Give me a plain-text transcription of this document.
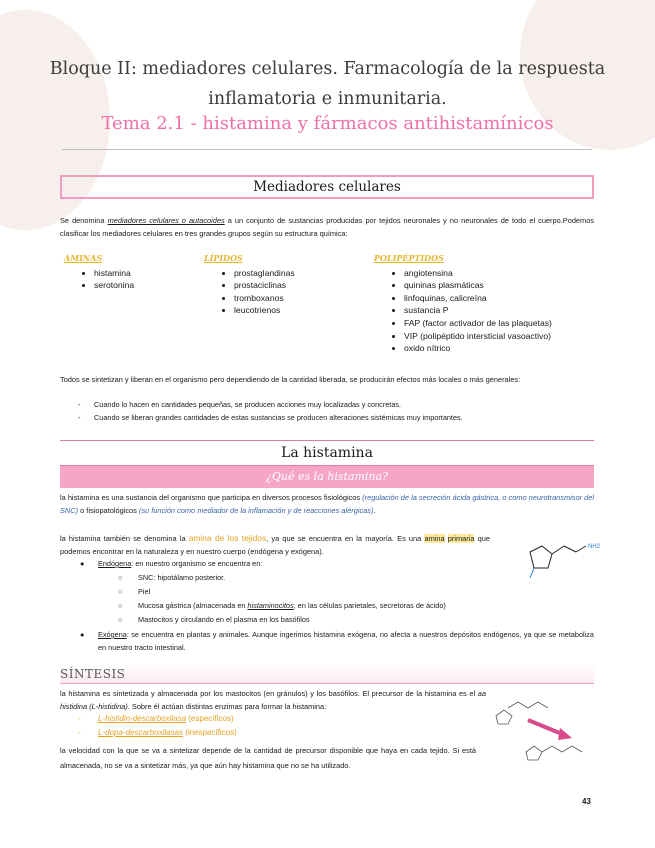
Bloque II: mediadores celulares. Farmacología de la respuesta
inflamatoria e inmunitaria.
Tema 2.1 - histamina y fármacos antihistamínicos
Mediadores celulares
Se denomina mediadores celulares o autacoides a un conjunto de sustancias producidas por tejidos neuronales y no neuronales de todo el cuerpo.Podemos clasificar los mediadores celulares en tres grandes grupos según su estructura química:
AMINAS
• histamina
• serotonina
LÍPIDOS
• prostaglandinas
• prostaciclinas
• tromboxanos
• leucotrienos
POLIPÉPTIDOS
• angiotensina
• quininas plasmáticas
• linfoquinas, calicreína
• sustancia P
• FAP (factor activador de las plaquetas)
• VIP (polipéptido intersticial vasoactivo)
• oxido nítrico
Todos se sintetizan y liberan en el organismo pero dependiendo de la cantidad liberada, se producirán efectos más locales o más generales:
- Cuando lo hacen en cantidades pequeñas, se producen acciones muy localizadas y concretas.
- Cuando se liberan grandes cantidades de estas sustancias se producen alteraciones sistémicas muy importantes.
La histamina
¿Qué es la histamina?
la histamina es una sustancia del organismo que participa en diversos procesos fisiológicos (regulación de la secreción ácida gástrica, o como neurotransmisor del SNC) o fisiopatológicos (su función como mediador de la inflamación y de reacciones alérgicas).
la histamina también se denomina la amina de los tejidos, ya que se encuentra en la mayoría. Es una amina primaria que podemos encontrar en la naturaleza y en nuestro cuerpo (endógena y exógena).	NH2
● Endógena: en nuestro organismo se encuentra en:
○ SNC: hipotálamo posterior.
○ Piel
○ Mucosa gástrica (almacenada en histaminocitos, en las células parietales, secretoras de ácido)
○ Mastocitos y circulando en el plasma en los basófilos
●	Exógena: se encuentra en plantas y animales. Aunque ingerimos histamina exógena, no afecta a nuestros depósitos endógenos, ya que se metaboliza en nuestro tracto intestinal.
SÍNTESIS
la histamina es sintetizada y almacenada por los mastocitos (en gránulos) y los basófilos. El precursor de la histamina es el aa histidina (L-histidina). Sobre él actúan distintas enzimas para formar la histamina:
- L-histidin-descarboxilasa (específicos)
- L-dopa-descarboxilasas (inespecíficos)
la velocidad con la que se va a sintetizar depende de la cantidad de precursor disponible que haya en cada tejido. Si está almacenada, no se va a sintetizar más, ya que aún hay histamina que no se ha utilizado.
43
